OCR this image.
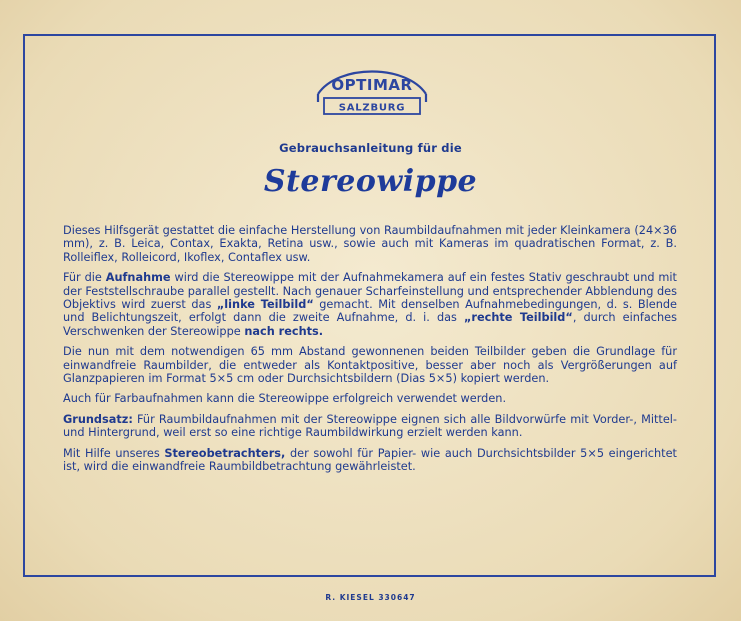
OPTIMAR
SALZBURG
Gebrauchsanleitung für die
Stereowippe

Dieses Hilfsgerät gestattet die einfache Herstellung von Raumbildaufnahmen mit jeder Kleinkamera (24×36 mm), z. B. Leica, Contax, Exakta, Retina usw., sowie auch mit Kameras im quadratischen Format, z. B. Rolleiflex, Rolleicord, Ikoflex, Contaflex usw.

Für die Aufnahme wird die Stereowippe mit der Aufnahmekamera auf ein festes Stativ geschraubt und mit der Feststellschraube parallel gestellt. Nach genauer Scharfeinstellung und entsprechender Abblendung des Objektivs wird zuerst das „linke Teilbild“ gemacht. Mit denselben Aufnahmebedingungen, d. s. Blende und Belichtungszeit, erfolgt dann die zweite Aufnahme, d. i. das „rechte Teilbild“, durch einfaches Verschwenken der Stereowippe nach rechts.

Die nun mit dem notwendigen 65 mm Abstand gewonnenen beiden Teilbilder geben die Grundlage für einwandfreie Raumbilder, die entweder als Kontaktpositive, besser aber noch als Vergrößerungen auf Glanzpapieren im Format 5×5 cm oder Durchsichtsbildern (Dias 5×5) kopiert werden.

Auch für Farbaufnahmen kann die Stereowippe erfolgreich verwendet werden.

Grundsatz: Für Raumbildaufnahmen mit der Stereowippe eignen sich alle Bildvorwürfe mit Vorder-, Mittel- und Hintergrund, weil erst so eine richtige Raumbildwirkung erzielt werden kann.

Mit Hilfe unseres Stereobetrachters, der sowohl für Papier- wie auch Durchsichtsbilder 5×5 eingerichtet ist, wird die einwandfreie Raumbildbetrachtung gewährleistet.

R. KIESEL 330647
